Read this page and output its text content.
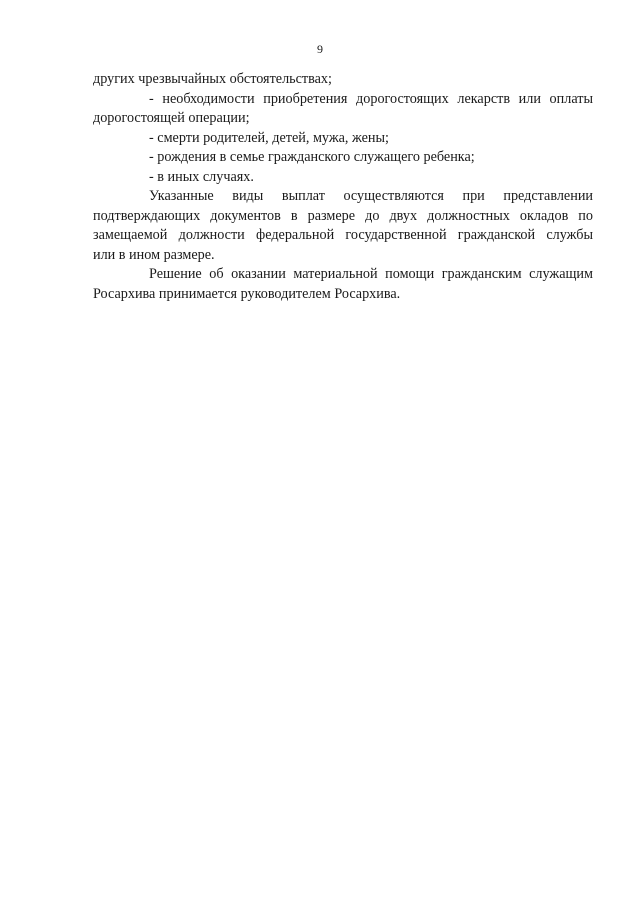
9
других чрезвычайных обстоятельствах;
- необходимости приобретения дорогостоящих лекарств или оплаты
дорогостоящей операции;
- смерти родителей, детей, мужа, жены;
- рождения в семье гражданского служащего ребенка;
- в иных случаях.
Указанные виды выплат осуществляются при представлении
подтверждающих документов в размере до двух должностных окладов по
замещаемой должности федеральной государственной гражданской службы
или в ином размере.
Решение об оказании материальной помощи гражданским служащим
Росархива принимается руководителем Росархива.
